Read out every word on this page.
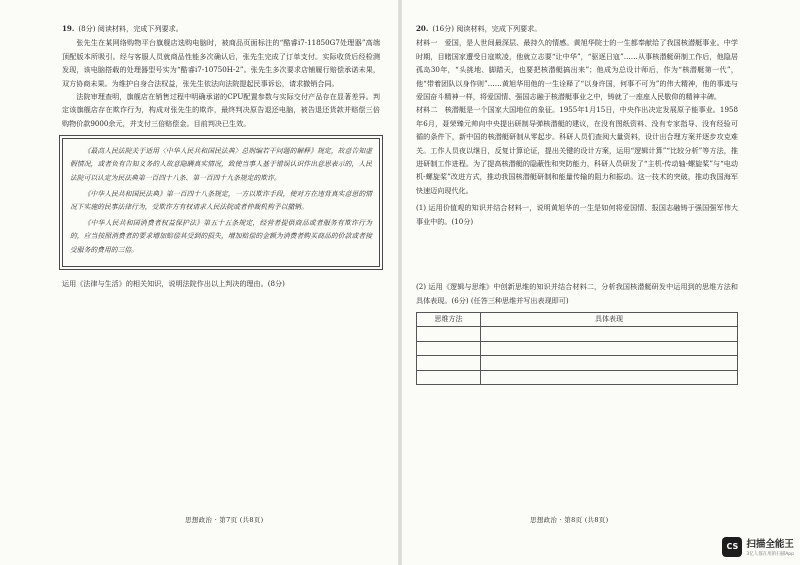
19. (8分) 阅读材料，完成下列要求。

张先生在某网络购物平台旗舰店选购电脑时，被商品页面标注的“酷睿i7-11850G7处理器”高端顶配版本所吸引。经与客服人员就商品性能多次确认后，张先生完成了订单支付。实际收货后经检测发现，该电脑搭载的处理器型号实为“酷睿i7-10750H-2”。张先生多次要求店铺履行赔偿承诺未果，双方协商未果。为维护自身合法权益，张先生依法向法院提起民事诉讼，请求撤销合同。

法院审理查明，旗舰店在销售过程中明确承诺的CPU配置参数与实际交付产品存在显著差异。判定该旗舰店存在欺诈行为，构成对张先生的欺诈，最终判决原告退还电脑，被告退还货款并赔偿三倍购物价款9000余元，并支付三倍赔偿金。目前判决已生效。

《最高人民法院关于适用〈中华人民共和国民法典〉总则编若干问题的解释》规定，故意告知虚假情况，或者负有告知义务的人故意隐瞒真实情况，致使当事人基于错误认识作出意思表示的，人民法院可以认定为民法典第一百四十八条、第一百四十九条规定的欺诈。

《中华人民共和国民法典》第一百四十八条规定，一方以欺诈手段，使对方在违背真实意思的情况下实施的民事法律行为，受欺诈方有权请求人民法院或者仲裁机构予以撤销。

《中华人民共和国消费者权益保护法》第五十五条规定，经营者提供商品或者服务有欺诈行为的，应当按照消费者的要求增加赔偿其受到的损失，增加赔偿的金额为消费者购买商品的价款或者接受服务的费用的三倍。

运用《法律与生活》的相关知识，说明法院作出以上判决的理由。(8分)

思想政治 · 第7页 (共8页)
20. (16分) 阅读材料，完成下列要求。

材料一　爱国，是人世间最深层、最持久的情感。黄旭华院士的一生都奉献给了我国核潜艇事业。中学时期，目睹国家遭受日寇欺凌，他就立志要“让中华”，“驱逐日寇”……从事核潜艇研制工作后，他隐居孤岛30年，“头挑地、脚踏天，也要把核潜艇搞出来”；他成为总设计师后，作为“核潜艇第一代”，他“带着团队以身作则”……黄旭华用他的一生诠释了“以身许国，何事不可为”的伟大精神，他的事迹与爱国奋斗精神一样，将爱国情、强国志融于核潜艇事业之中，铸就了一座座人民敬仰的精神丰碑。

材料二　核潜艇是一个国家大国地位的象征。1955年1月15日，中央作出决定发展原子能事业。1958年6月，聂荣臻元帅向中央提出研制导弹核潜艇的建议，在没有图纸资料、没有专家指导、没有经验可循的条件下，新中国的核潜艇研制从零起步。科研人员们查阅大量资料，设计出合理方案并逐步攻克难关。工作人员夜以继日，反复计算论证，提出关键的设计方案，运用“逻辑计算”“比较分析”等方法，推进研制工作进程。为了提高核潜艇的隐蔽性和突防能力，科研人员研发了“主机-传动轴-螺旋桨”与“电动机-螺旋桨”改进方式，推动我国核潜艇研制和能量传输的阻力和振动。这一技术的突破，推动我国海军快速迈向现代化。

(1) 运用价值观的知识并结合材料一，说明黄旭华的一生是如何将爱国情、报国志融铸于强国强军伟大事业中的。(10分)

(2) 运用《逻辑与思维》中创新思维的知识并结合材料二，分析我国核潜艇研发中运用到的思维方法和具体表现。(6分) (任答三种思维并写出表现即可)

思维方法	具体表现

思想政治 · 第8页 (共8页)
CS 扫描全能王
3亿人都在用的扫描App
